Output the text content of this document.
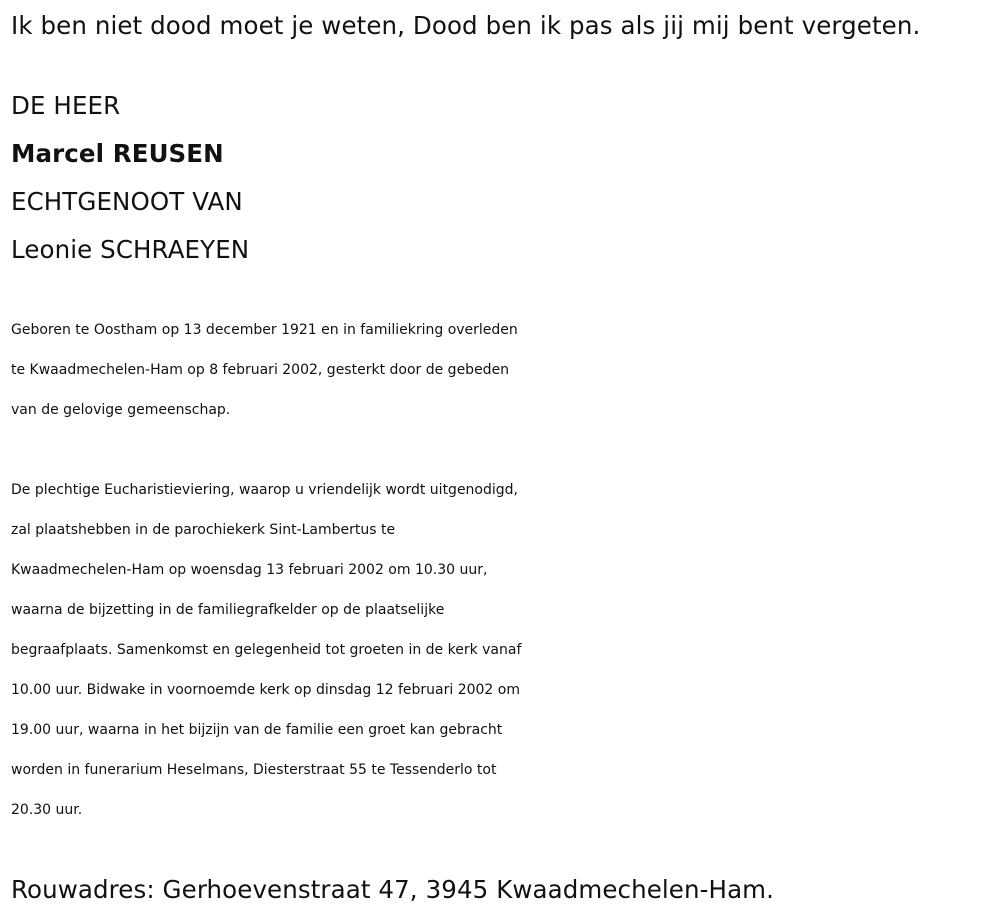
Ik ben niet dood moet je weten, Dood ben ik pas als jij mij bent vergeten.
DE HEER
Marcel REUSEN
ECHTGENOOT VAN
Leonie SCHRAEYEN
Geboren te Oostham op 13 december 1921 en in familiekring overleden
te Kwaadmechelen-Ham op 8 februari 2002, gesterkt door de gebeden
van de gelovige gemeenschap.
De plechtige Eucharistieviering, waarop u vriendelijk wordt uitgenodigd,
zal plaatshebben in de parochiekerk Sint-Lambertus te
Kwaadmechelen-Ham op woensdag 13 februari 2002 om 10.30 uur,
waarna de bijzetting in de familiegrafkelder op de plaatselijke
begraafplaats. Samenkomst en gelegenheid tot groeten in de kerk vanaf
10.00 uur. Bidwake in voornoemde kerk op dinsdag 12 februari 2002 om
19.00 uur, waarna in het bijzijn van de familie een groet kan gebracht
worden in funerarium Heselmans, Diesterstraat 55 te Tessenderlo tot
20.30 uur.
Rouwadres: Gerhoevenstraat 47, 3945 Kwaadmechelen-Ham.
